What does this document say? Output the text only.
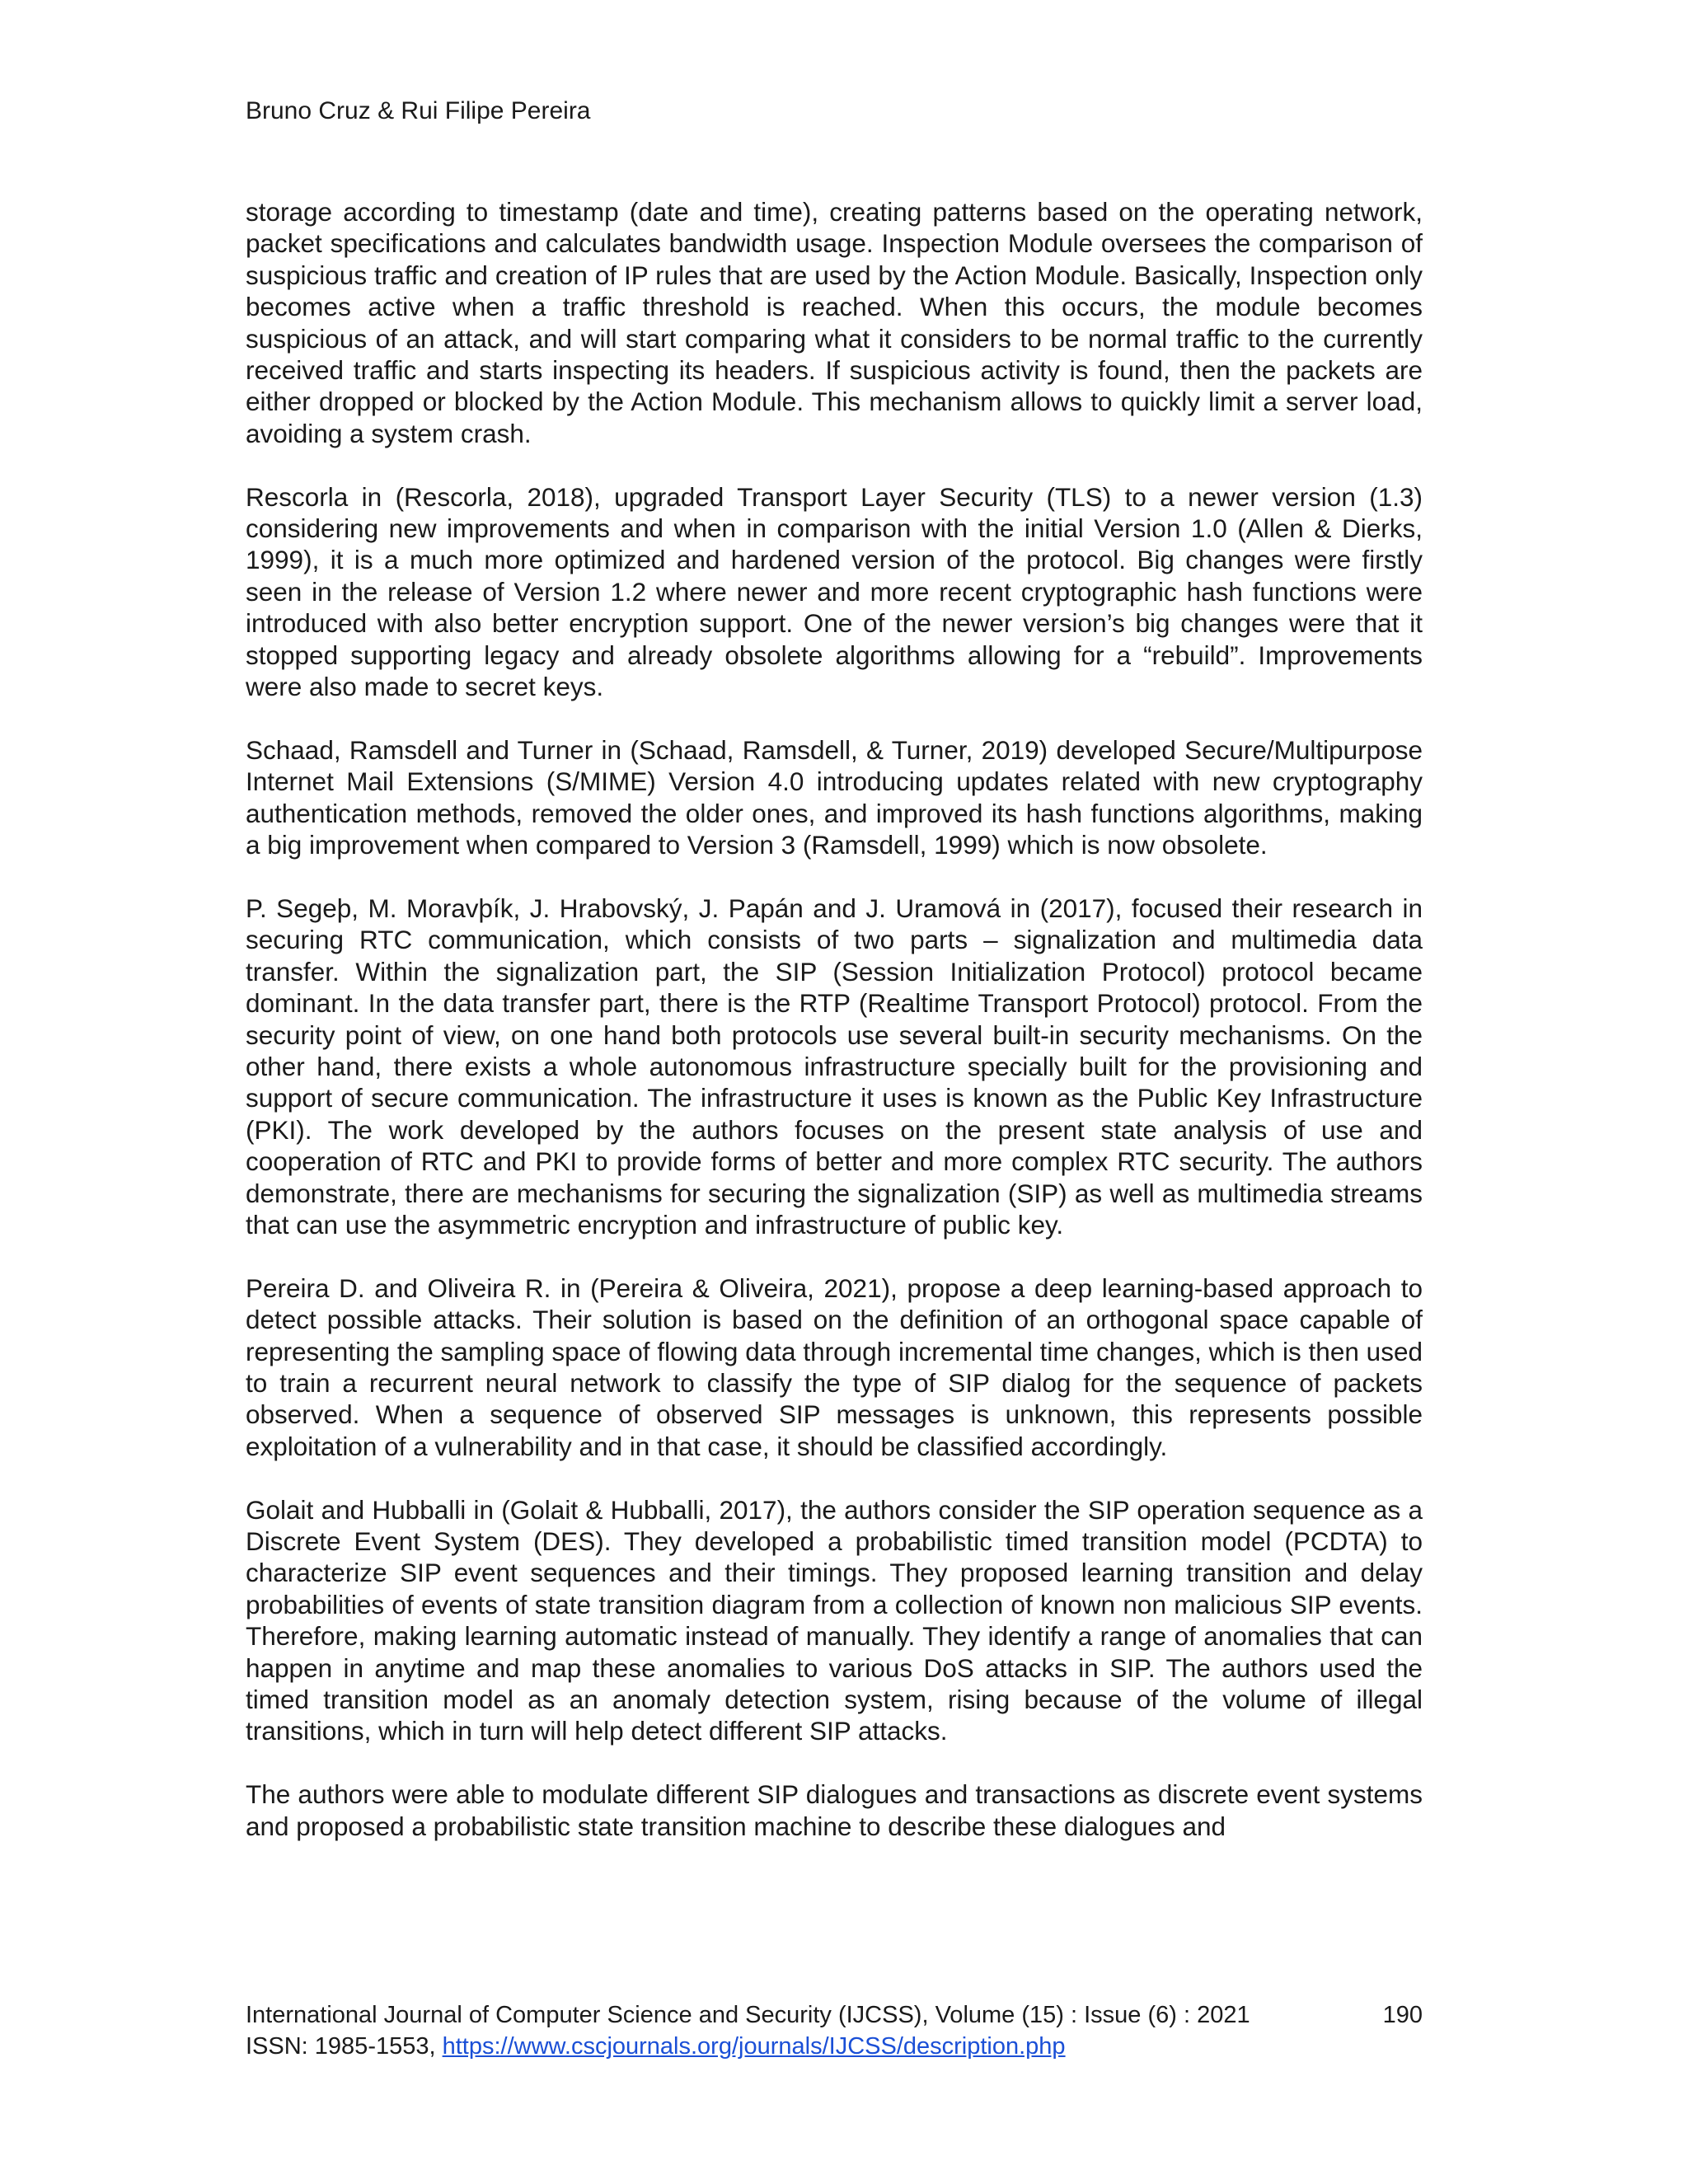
Bruno Cruz & Rui Filipe Pereira

storage according to timestamp (date and time), creating patterns based on the operating network, packet specifications and calculates bandwidth usage. Inspection Module oversees the comparison of suspicious traffic and creation of IP rules that are used by the Action Module. Basically, Inspection only becomes active when a traffic threshold is reached. When this occurs, the module becomes suspicious of an attack, and will start comparing what it considers to be normal traffic to the currently received traffic and starts inspecting its headers. If suspicious activity is found, then the packets are either dropped or blocked by the Action Module. This mechanism allows to quickly limit a server load, avoiding a system crash.

Rescorla in (Rescorla, 2018), upgraded Transport Layer Security (TLS) to a newer version (1.3) considering new improvements and when in comparison with the initial Version 1.0 (Allen & Dierks, 1999), it is a much more optimized and hardened version of the protocol. Big changes were firstly seen in the release of Version 1.2 where newer and more recent cryptographic hash functions were introduced with also better encryption support. One of the newer version’s big changes were that it stopped supporting legacy and already obsolete algorithms allowing for a “rebuild”. Improvements were also made to secret keys.

Schaad, Ramsdell and Turner in (Schaad, Ramsdell, & Turner, 2019) developed Secure/Multipurpose Internet Mail Extensions (S/MIME) Version 4.0 introducing updates related with new cryptography authentication methods, removed the older ones, and improved its hash functions algorithms, making a big improvement when compared to Version 3 (Ramsdell, 1999) which is now obsolete.

P. Segeþ, M. Moravþík, J. Hrabovský, J. Papán and J. Uramová in (2017), focused their research in securing RTC communication, which consists of two parts – signalization and multimedia data transfer. Within the signalization part, the SIP (Session Initialization Protocol) protocol became dominant. In the data transfer part, there is the RTP (Realtime Transport Protocol) protocol. From the security point of view, on one hand both protocols use several built-in security mechanisms. On the other hand, there exists a whole autonomous infrastructure specially built for the provisioning and support of secure communication. The infrastructure it uses is known as the Public Key Infrastructure (PKI). The work developed by the authors focuses on the present state analysis of use and cooperation of RTC and PKI to provide forms of better and more complex RTC security. The authors demonstrate, there are mechanisms for securing the signalization (SIP) as well as multimedia streams that can use the asymmetric encryption and infrastructure of public key.

Pereira D. and Oliveira R. in (Pereira & Oliveira, 2021), propose a deep learning-based approach to detect possible attacks. Their solution is based on the definition of an orthogonal space capable of representing the sampling space of flowing data through incremental time changes, which is then used to train a recurrent neural network to classify the type of SIP dialog for the sequence of packets observed. When a sequence of observed SIP messages is unknown, this represents possible exploitation of a vulnerability and in that case, it should be classified accordingly.

Golait and Hubballi in (Golait & Hubballi, 2017), the authors consider the SIP operation sequence as a Discrete Event System (DES). They developed a probabilistic timed transition model (PCDTA) to characterize SIP event sequences and their timings. They proposed learning transition and delay probabilities of events of state transition diagram from a collection of known non malicious SIP events. Therefore, making learning automatic instead of manually. They identify a range of anomalies that can happen in anytime and map these anomalies to various DoS attacks in SIP. The authors used the timed transition model as an anomaly detection system, rising because of the volume of illegal transitions, which in turn will help detect different SIP attacks.

The authors were able to modulate different SIP dialogues and transactions as discrete event systems and proposed a probabilistic state transition machine to describe these dialogues and

International Journal of Computer Science and Security (IJCSS), Volume (15) : Issue (6) : 2021	190
ISSN: 1985-1553, https://www.cscjournals.org/journals/IJCSS/description.php
